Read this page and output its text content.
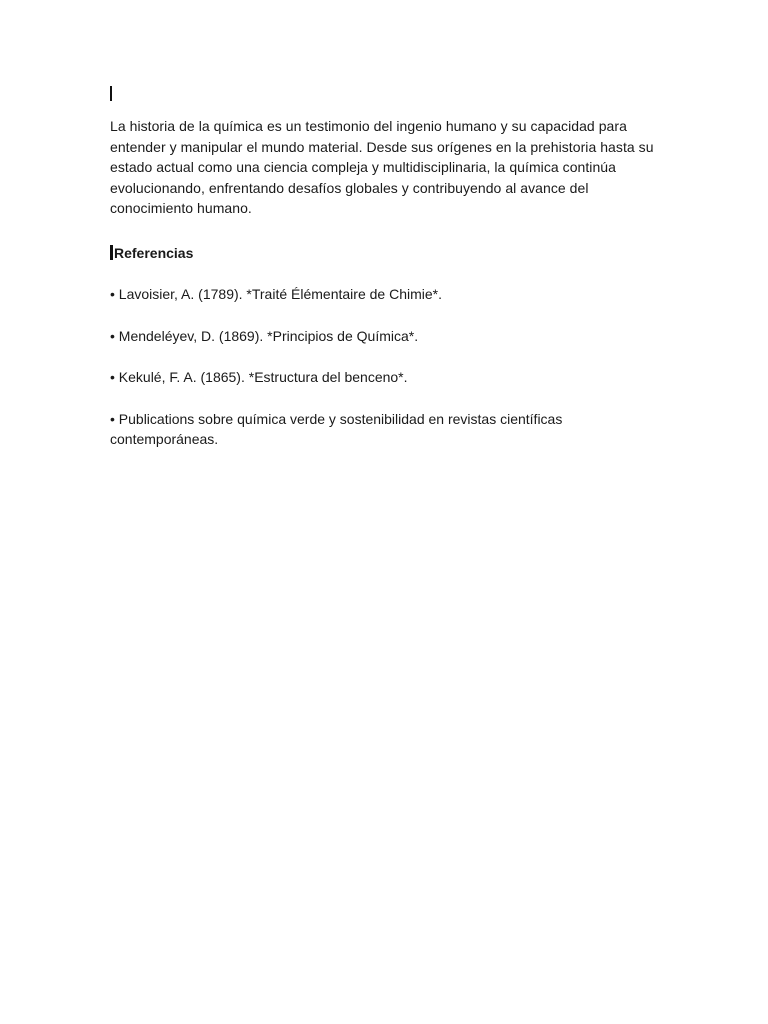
La historia de la química es un testimonio del ingenio humano y su capacidad para entender y manipular el mundo material. Desde sus orígenes en la prehistoria hasta su estado actual como una ciencia compleja y multidisciplinaria, la química continúa evolucionando, enfrentando desafíos globales y contribuyendo al avance del conocimiento humano.

Referencias
• Lavoisier, A. (1789). *Traité Élémentaire de Chimie*.
• Mendeléyev, D. (1869). *Principios de Química*.
• Kekulé, F. A. (1865). *Estructura del benceno*.
• Publications sobre química verde y sostenibilidad en revistas científicas contemporáneas.
